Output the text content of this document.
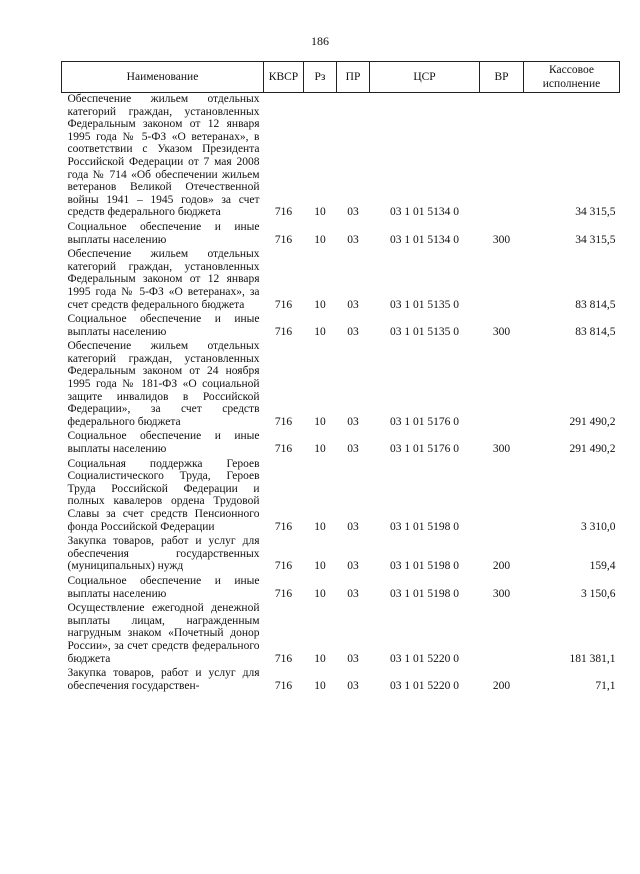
186
Наименование	КВСР	Рз	ПР	ЦСР	ВР	Кассовое исполнение
Обеспечение жильем отдельных категорий граждан, установленных Федеральным законом от 12 января 1995 года № 5-ФЗ «О ветеранах», в соответствии с Указом Президента Российской Федерации от 7 мая 2008 года № 714 «Об обеспечении жильем ветеранов Великой Отечественной войны 1941 – 1945 годов» за счет средств федерального бюджета	716	10	03	03 1 01 5134 0		34 315,5
Социальное обеспечение и иные выплаты населению	716	10	03	03 1 01 5134 0	300	34 315,5
Обеспечение жильем отдельных категорий граждан, установленных Федеральным законом от 12 января 1995 года № 5-ФЗ «О ветеранах», за счет средств федерального бюджета	716	10	03	03 1 01 5135 0		83 814,5
Социальное обеспечение и иные выплаты населению	716	10	03	03 1 01 5135 0	300	83 814,5
Обеспечение жильем отдельных категорий граждан, установленных Федеральным законом от 24 ноября 1995 года № 181-ФЗ «О социальной защите инвалидов в Российской Федерации», за счет средств федерального бюджета	716	10	03	03 1 01 5176 0		291 490,2
Социальное обеспечение и иные выплаты населению	716	10	03	03 1 01 5176 0	300	291 490,2
Социальная поддержка Героев Социалистического Труда, Героев Труда Российской Федерации и полных кавалеров ордена Трудовой Славы за счет средств Пенсионного фонда Российской Федерации	716	10	03	03 1 01 5198 0		3 310,0
Закупка товаров, работ и услуг для обеспечения государственных (муниципальных) нужд	716	10	03	03 1 01 5198 0	200	159,4
Социальное обеспечение и иные выплаты населению	716	10	03	03 1 01 5198 0	300	3 150,6
Осуществление ежегодной денежной выплаты лицам, награжденным нагрудным знаком «Почетный донор России», за счет средств федерального бюджета	716	10	03	03 1 01 5220 0		181 381,1
Закупка товаров, работ и услуг для обеспечения государствен-	716	10	03	03 1 01 5220 0	200	71,1
